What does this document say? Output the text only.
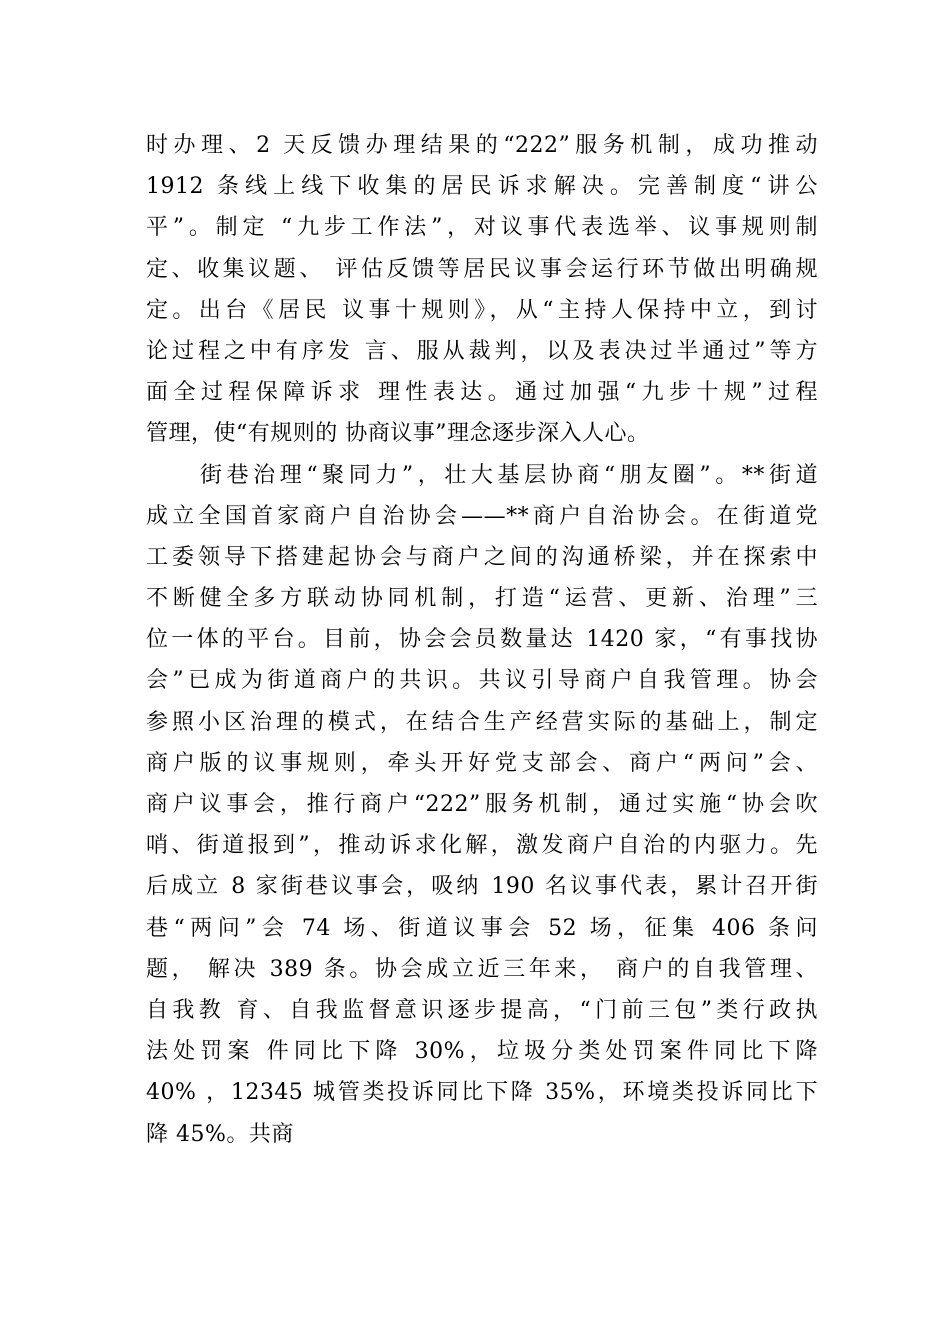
时办理、2 天反馈办理结果的“222”服务机制，成功推动
1912 条线上线下收集的居民诉求解决。完善制度“讲公
平”。制定 “九步工作法”，对议事代表选举、议事规则制
定、收集议题、 评估反馈等居民议事会运行环节做出明确规
定。出台《居民 议事十规则》，从“主持人保持中立，到讨
论过程之中有序发 言、服从裁判，以及表决过半通过”等方
面全过程保障诉求 理性表达。通过加强“九步十规”过程
管理，使“有规则的 协商议事”理念逐步深入人心。
街巷治理“聚同力”，壮大基层协商“朋友圈”。**街道
成立全国首家商户自治协会——**商户自治协会。在街道党
工委领导下搭建起协会与商户之间的沟通桥梁，并在探索中
不断健全多方联动协同机制，打造“运营、更新、治理”三
位一体的平台。目前，协会会员数量达 1420 家，“有事找协
会”已成为街道商户的共识。共议引导商户自我管理。协会
参照小区治理的模式，在结合生产经营实际的基础上，制定
商户版的议事规则，牵头开好党支部会、商户“两问”会、
商户议事会，推行商户“222”服务机制，通过实施“协会吹
哨、街道报到”，推动诉求化解，激发商户自治的内驱力。先
后成立 8 家街巷议事会，吸纳 190 名议事代表，累计召开街
巷“两问”会 74 场、街道议事会 52 场，征集 406 条问
题， 解决 389 条。协会成立近三年来， 商户的自我管理、
自我教 育、自我监督意识逐步提高，“门前三包”类行政执
法处罚案 件同比下降 30%，垃圾分类处罚案件同比下降
40% ，12345 城管类投诉同比下降 35%，环境类投诉同比下
降 45%。共商
